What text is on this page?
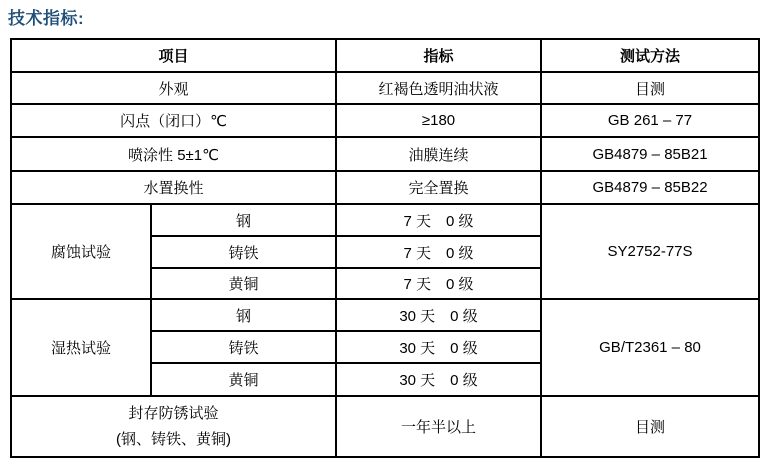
技术指标:
项目		指标	测试方法
外观		红褐色透明油状液	目测
闪点（闭口）℃		≥180	GB 261 – 77
喷涂性 5±1℃		油膜连续	GB4879 – 85B21
水置换性		完全置换	GB4879 – 85B22
腐蚀试验	钢	7 天　0 级	SY2752-77S
	铸铁	7 天　0 级	
	黄铜	7 天　0 级	
湿热试验	钢	30 天　0 级	GB/T2361 – 80
	铸铁	30 天　0 级	
	黄铜	30 天　0 级	

封存防锈试验
(钢、铸铁、黄铜)		一年半以上	目测
